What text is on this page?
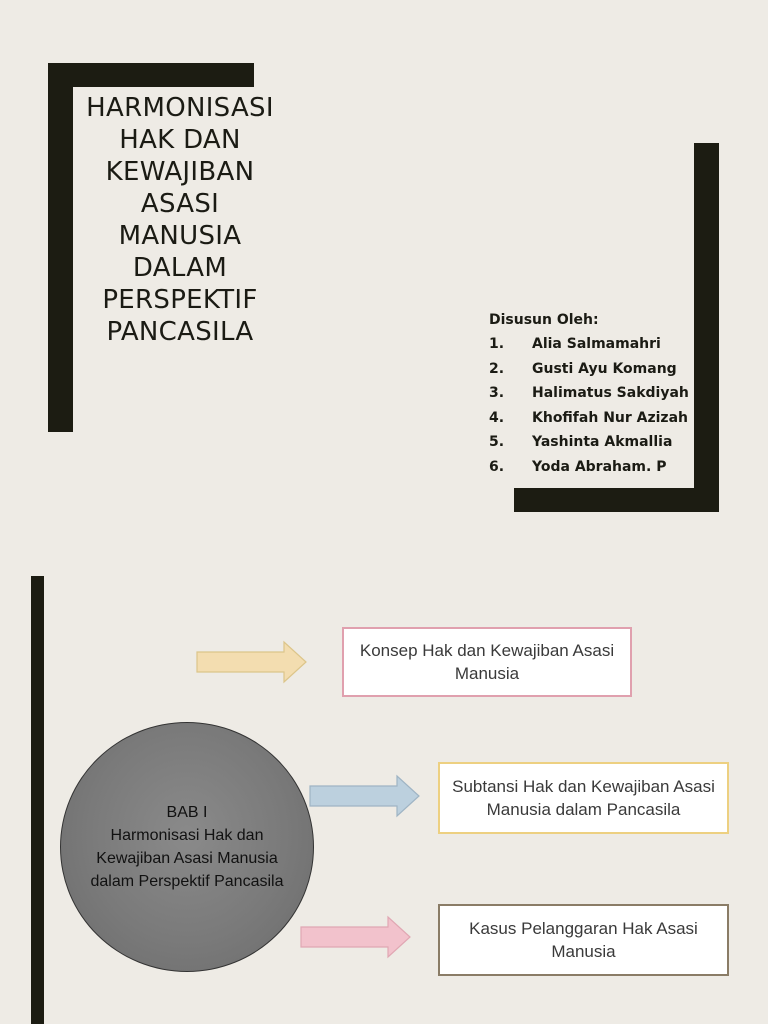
HARMONISASI
HAK DAN
KEWAJIBAN
ASASI
MANUSIA
DALAM
PERSPEKTIF
PANCASILA	Disusun Oleh:
1.	Alia Salmamahri
2.	Gusti Ayu Komang
3.	Halimatus Sakdiyah
4.	Khofifah Nur Azizah
5.	Yashinta Akmallia
6.	Yoda Abraham. P
Konsep Hak dan Kewajiban Asasi Manusia
Subtansi Hak dan Kewajiban Asasi Manusia dalam Pancasila
Kasus Pelanggaran Hak Asasi Manusia
BAB I
Harmonisasi Hak dan Kewajiban Asasi Manusia dalam Perspektif Pancasila
